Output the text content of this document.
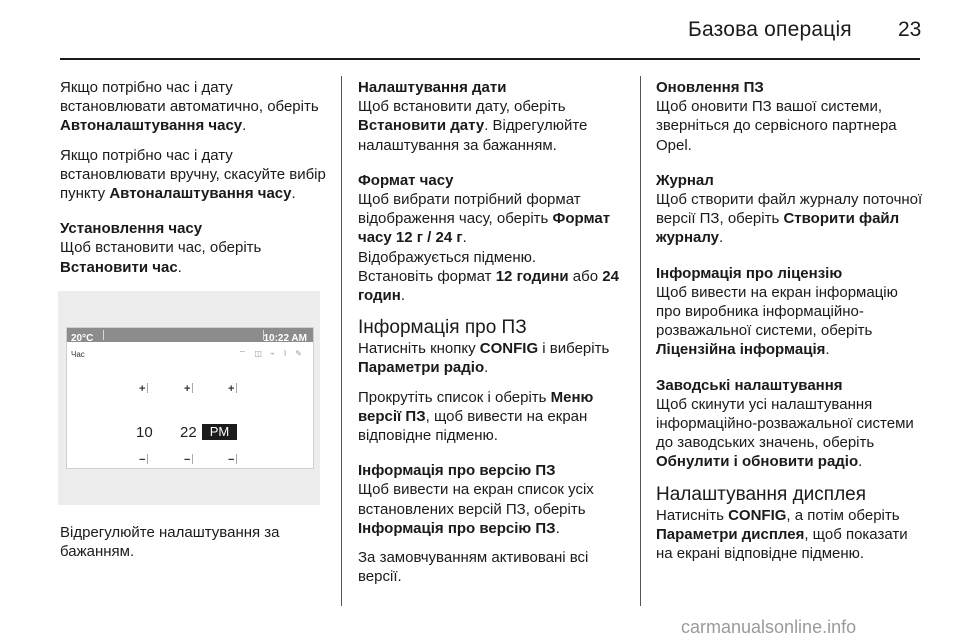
Базова операція 23

Якщо потрібно час і дату встановлювати автоматично, оберіть Автоналаштування часу.

Якщо потрібно час і дату встановлювати вручну, скасуйте вибір пункту Автоналаштування часу.

Установлення часу

Щоб встановити час, оберіть Встановити час.

20°C	10:22 AM
Час	⌔ ◫ ⌁ ⌇ ✎
+	+	+
10 22	PM
−	−	−

Відрегулюйте налаштування за бажанням.

Налаштування дати

Щоб встановити дату, оберіть Встановити дату. Відрегулюйте налаштування за бажанням.

Формат часу

Щоб вибрати потрібний формат відображення часу, оберіть Формат часу 12 г / 24 г.

Відображується підменю.

Встановіть формат 12 години або 24 годин.

Інформація про ПЗ

Натисніть кнопку CONFIG і виберіть Параметри радіо.

Прокрутіть список і оберіть Меню версії ПЗ, щоб вивести на екран відповідне підменю.

Інформація про версію ПЗ

Щоб вивести на екран список усіх встановлених версій ПЗ, оберіть Інформація про версію ПЗ.

За замовчуванням активовані всі версії.

Оновлення ПЗ

Щоб оновити ПЗ вашої системи, зверніться до сервісного партнера Opel.

Журнал

Щоб створити файл журналу поточної версії ПЗ, оберіть Створити файл журналу.

Інформація про ліцензію

Щоб вивести на екран інформацію про виробника інформаційно-розважальної системи, оберіть Ліцензійна інформація.

Заводські налаштування

Щоб скинути усі налаштування інформаційно-розважальної системи до заводських значень, оберіть Обнулити і обновити радіо.

Налаштування дисплея

Натисніть CONFIG, а потім оберіть Параметри дисплея, щоб показати на екрані відповідне підменю.

carmanualsonline.info
